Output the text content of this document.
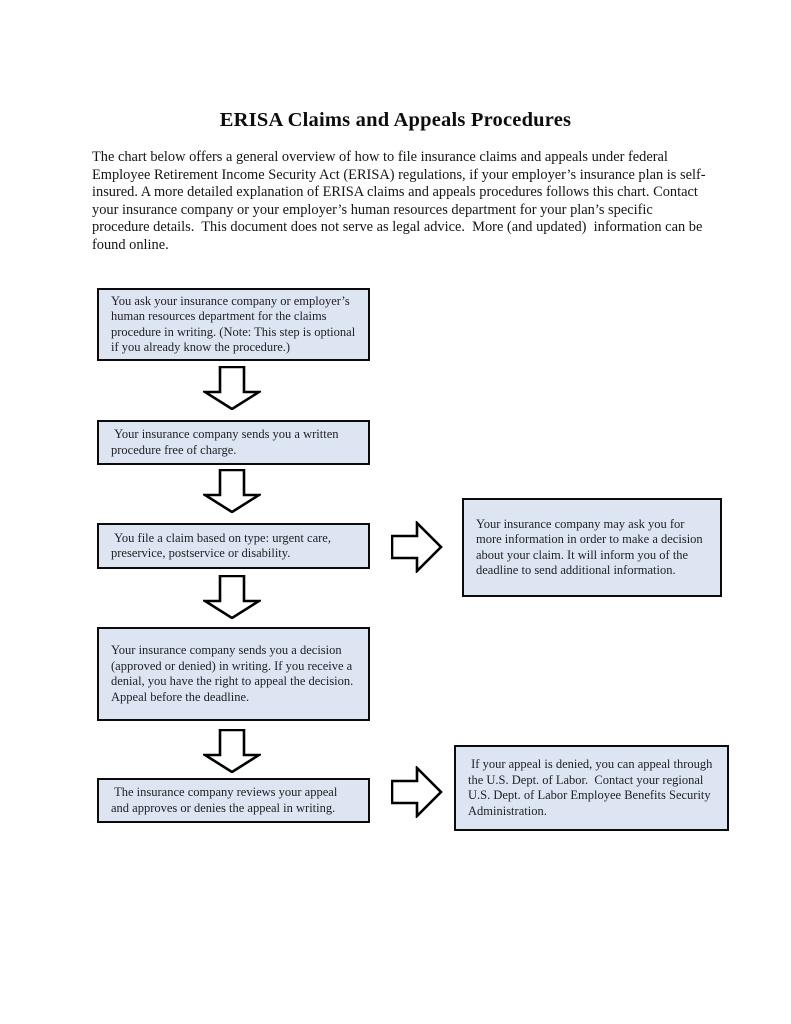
ERISA Claims and Appeals Procedures

The chart below offers a general overview of how to file insurance claims and appeals under federal Employee Retirement Income Security Act (ERISA) regulations, if your employer’s insurance plan is self-insured. A more detailed explanation of ERISA claims and appeals procedures follows this chart. Contact your insurance company or your employer’s human resources department for your plan’s specific procedure details.  This document does not serve as legal advice.  More (and updated)  information can be found online.

You ask your insurance company or employer’s human resources department for the claims procedure in writing. (Note: This step is optional if you already know the procedure.)
Your insurance company sends you a written procedure free of charge.
You file a claim based on type: urgent care, preservice, postservice or disability.
Your insurance company may ask you for more information in order to make a decision about your claim. It will inform you of the deadline to send additional information.
Your insurance company sends you a decision (approved or denied) in writing. If you receive a denial, you have the right to appeal the decision.  Appeal before the deadline.
The insurance company reviews your appeal and approves or denies the appeal in writing.
If your appeal is denied, you can appeal through the U.S. Dept. of Labor.  Contact your regional U.S. Dept. of Labor Employee Benefits Security Administration.
